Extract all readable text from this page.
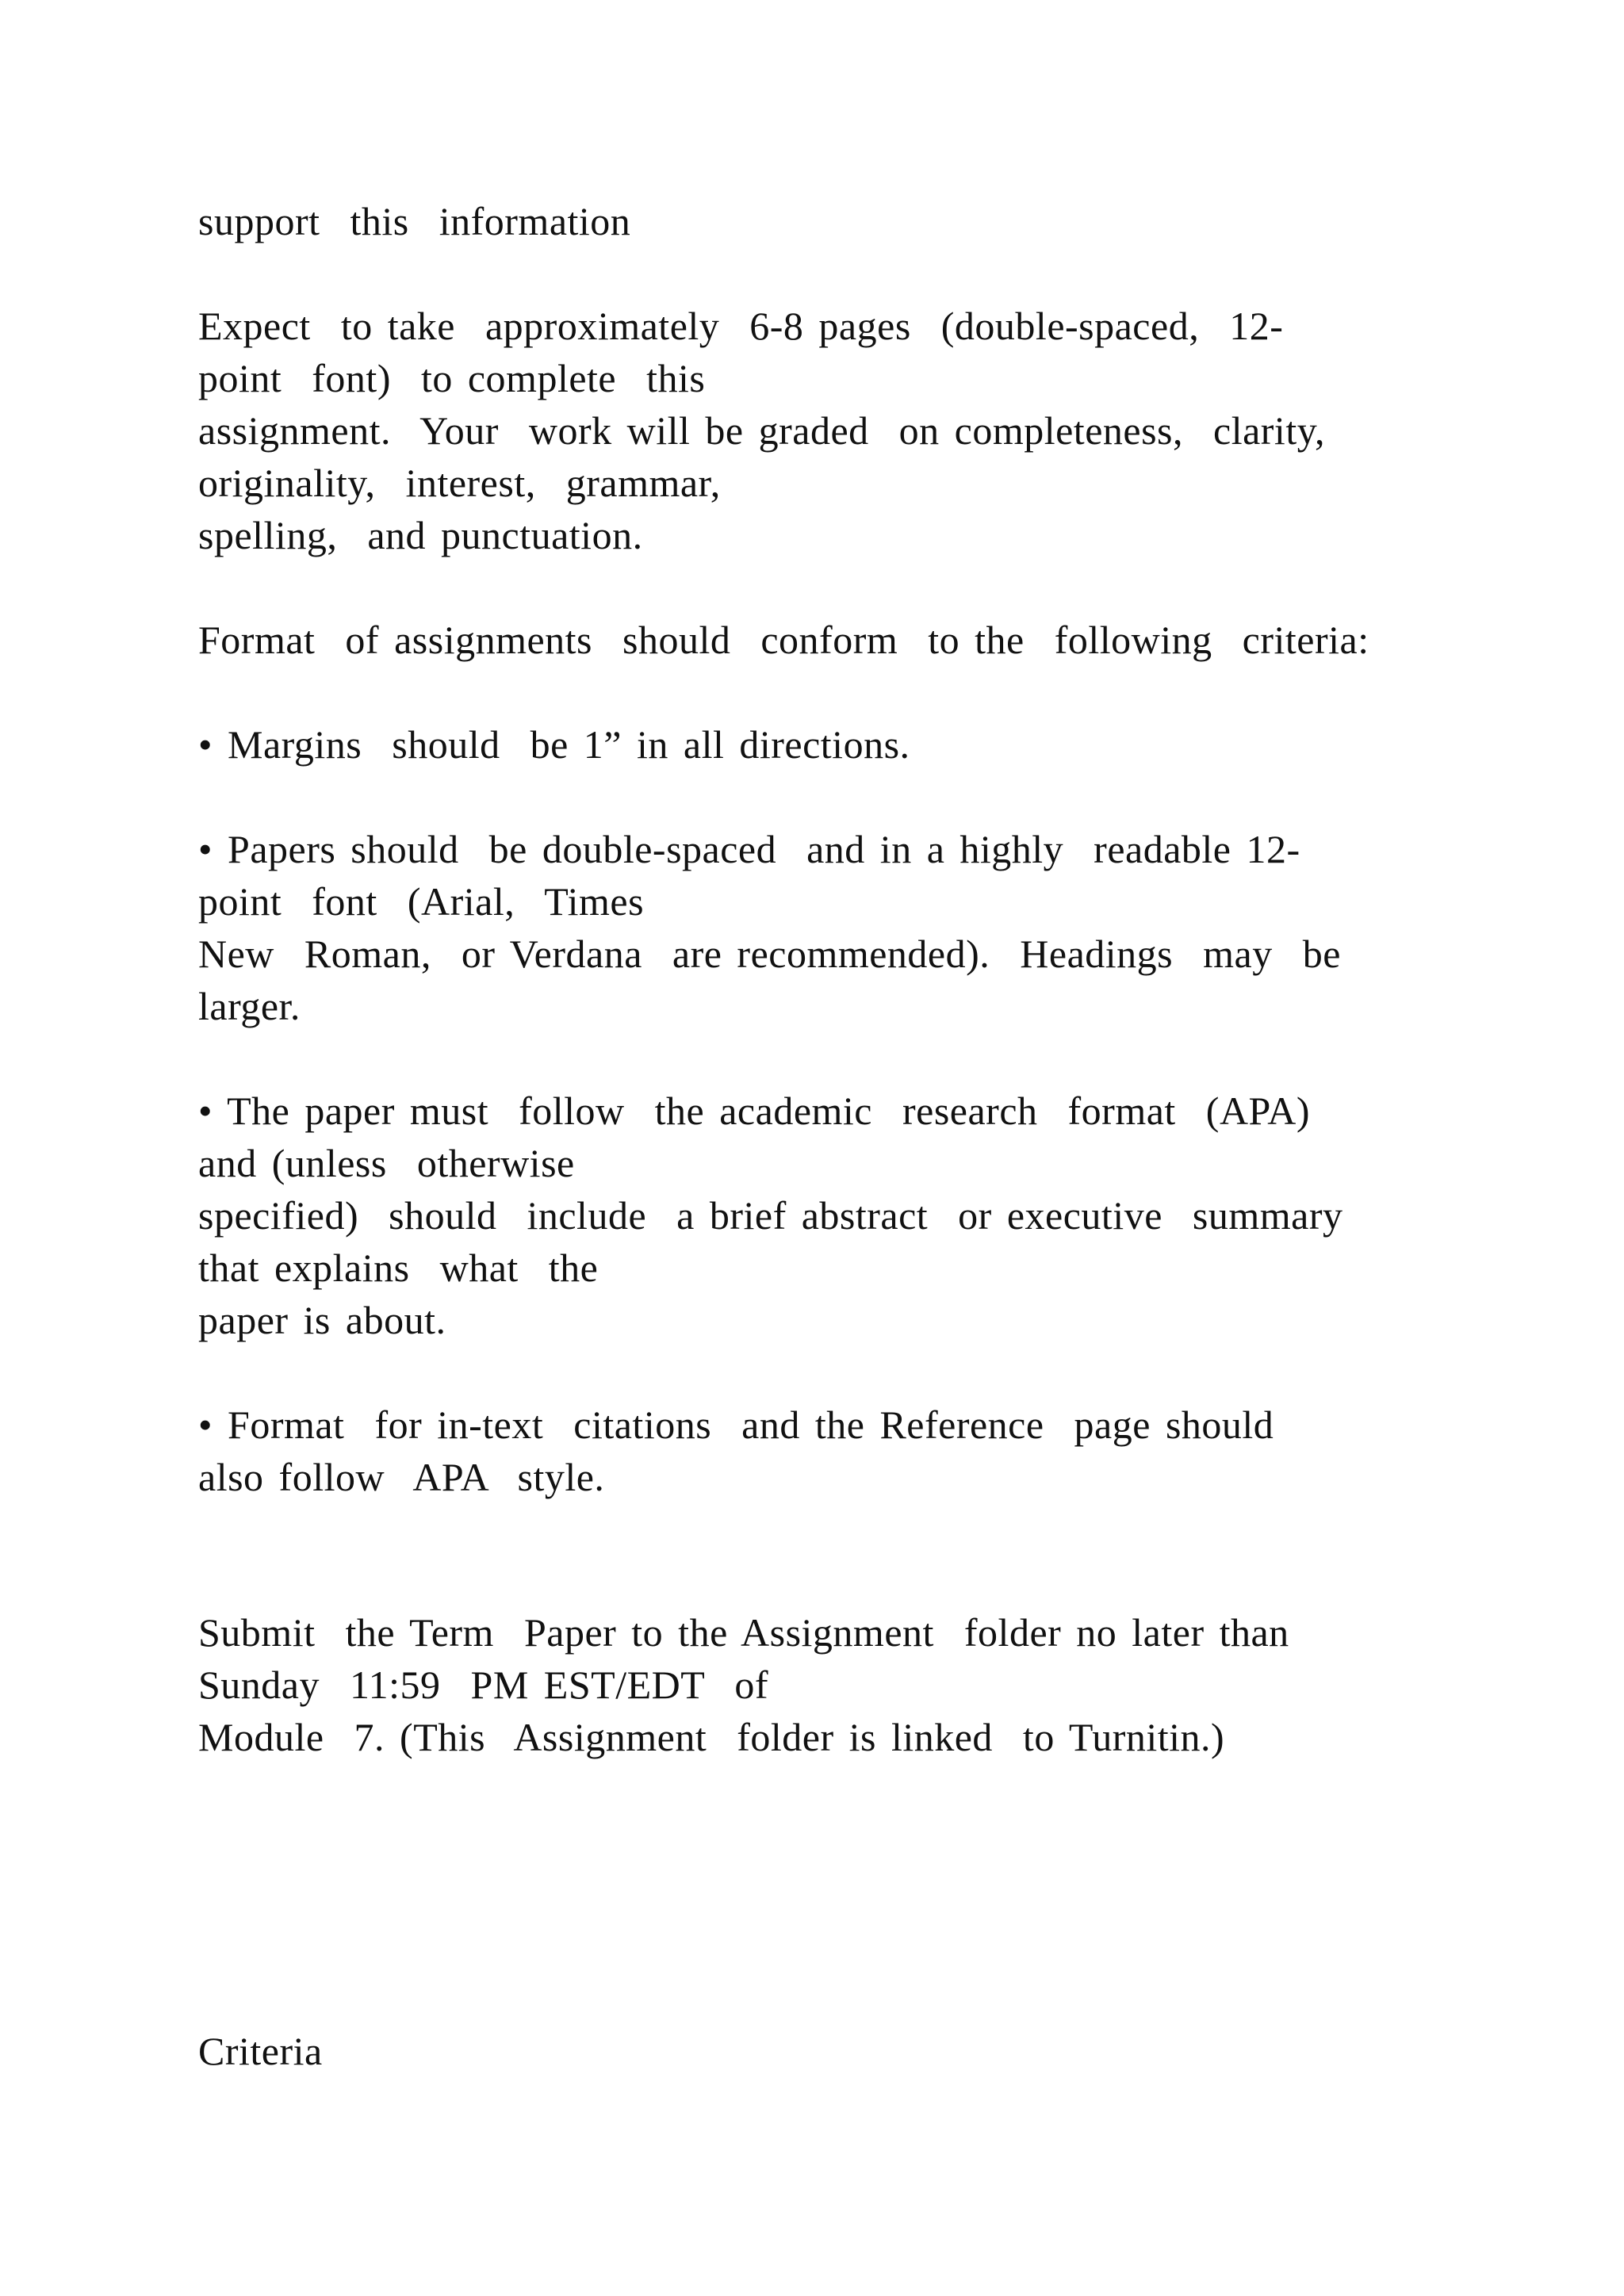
support  this  information
Expect  to take  approximately  6-8 pages  (double-spaced,  12-
point  font)  to complete  this
assignment.  Your  work will be graded  on completeness,  clarity,
originality,  interest,  grammar,
spelling,  and punctuation.
Format  of assignments  should  conform  to the  following  criteria:
• Margins  should  be 1” in all directions.
• Papers should  be double-spaced  and in a highly  readable 12-
point  font  (Arial,  Times
New  Roman,  or Verdana  are recommended).  Headings  may  be
larger.
• The paper must  follow  the academic  research  format  (APA)
and (unless  otherwise
specified)  should  include  a brief abstract  or executive  summary
that explains  what  the
paper is about.
• Format  for in-text  citations  and the Reference  page should
also follow  APA  style.
Submit  the Term  Paper to the Assignment  folder no later than
Sunday  11:59  PM EST/EDT  of
Module  7. (This  Assignment  folder is linked  to Turnitin.)
Criteria
